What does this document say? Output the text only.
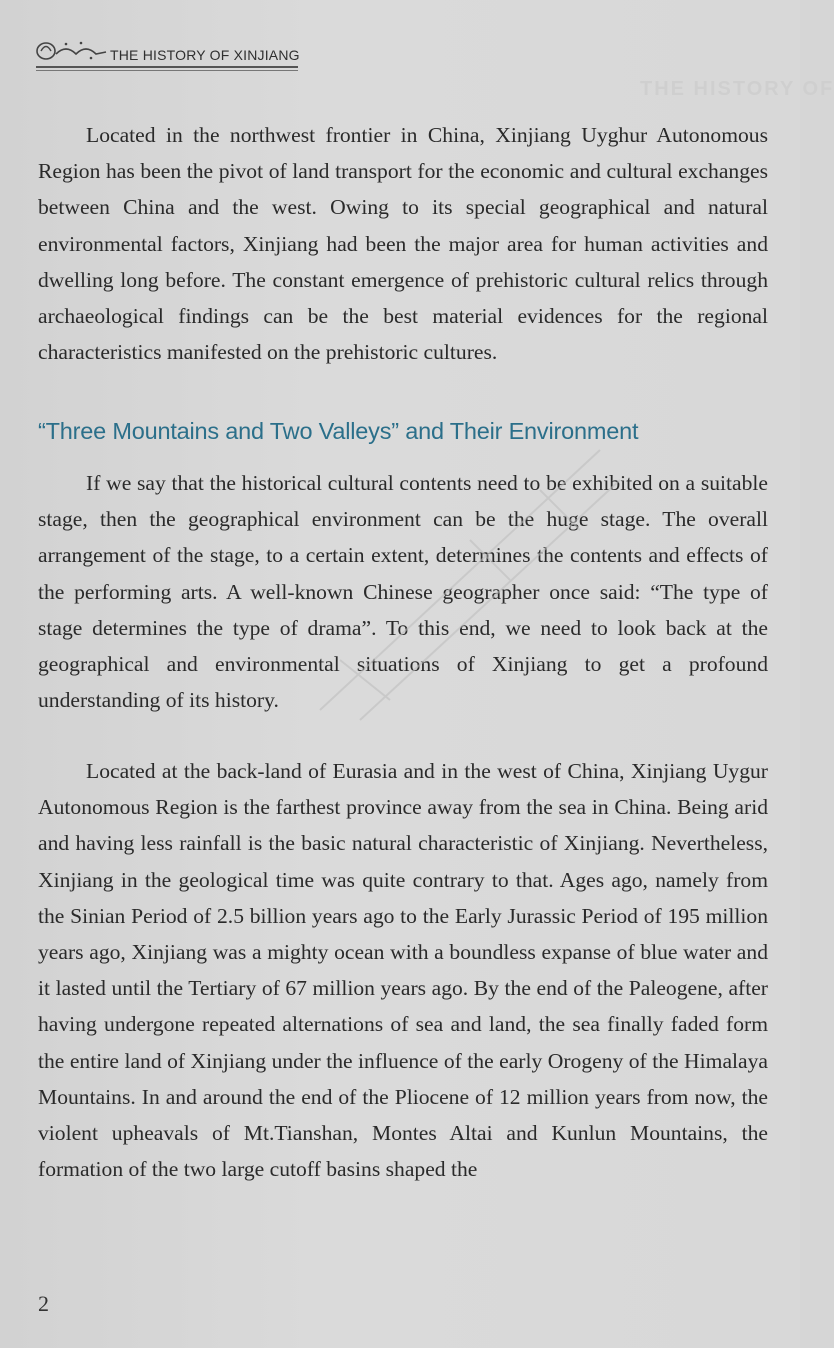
THE HISTORY OF XINJIANG
THE HISTORY OF

Located in the northwest frontier in China, Xinjiang Uyghur Autonomous Region has been the pivot of land transport for the economic and cultural exchanges between China and the west. Owing to its special geographical and natural environmental factors, Xinjiang had been the major area for human activities and dwelling long before. The constant emergence of prehistoric cultural relics through archaeological findings can be the best material evidences for the regional characteristics manifested on the prehistoric cultures.

“Three Mountains and Two Valleys” and Their Environment

If we say that the historical cultural contents need to be exhibited on a suitable stage, then the geographical environment can be the huge stage. The overall arrangement of the stage, to a certain extent, determines the contents and effects of the performing arts. A well-known Chinese geographer once said: “The type of stage determines the type of drama”. To this end, we need to look back at the geographical and environmental situations of Xinjiang to get a profound understanding of its history.

Located at the back-land of Eurasia and in the west of China, Xinjiang Uygur Autonomous Region is the farthest province away from the sea in China. Being arid and having less rainfall is the basic natural characteristic of Xinjiang. Nevertheless, Xinjiang in the geological time was quite contrary to that. Ages ago, namely from the Sinian Period of 2.5 billion years ago to the Early Jurassic Period of 195 million years ago, Xinjiang was a mighty ocean with a boundless expanse of blue water and it lasted until the Tertiary of 67 million years ago. By the end of the Paleogene, after having undergone repeated alternations of sea and land, the sea finally faded form the entire land of Xinjiang under the influence of the early Orogeny of the Himalaya Mountains. In and around the end of the Pliocene of 12 million years from now, the violent upheavals of Mt.Tianshan, Montes Altai and Kunlun Mountains, the formation of the two large cutoff basins shaped the

2
